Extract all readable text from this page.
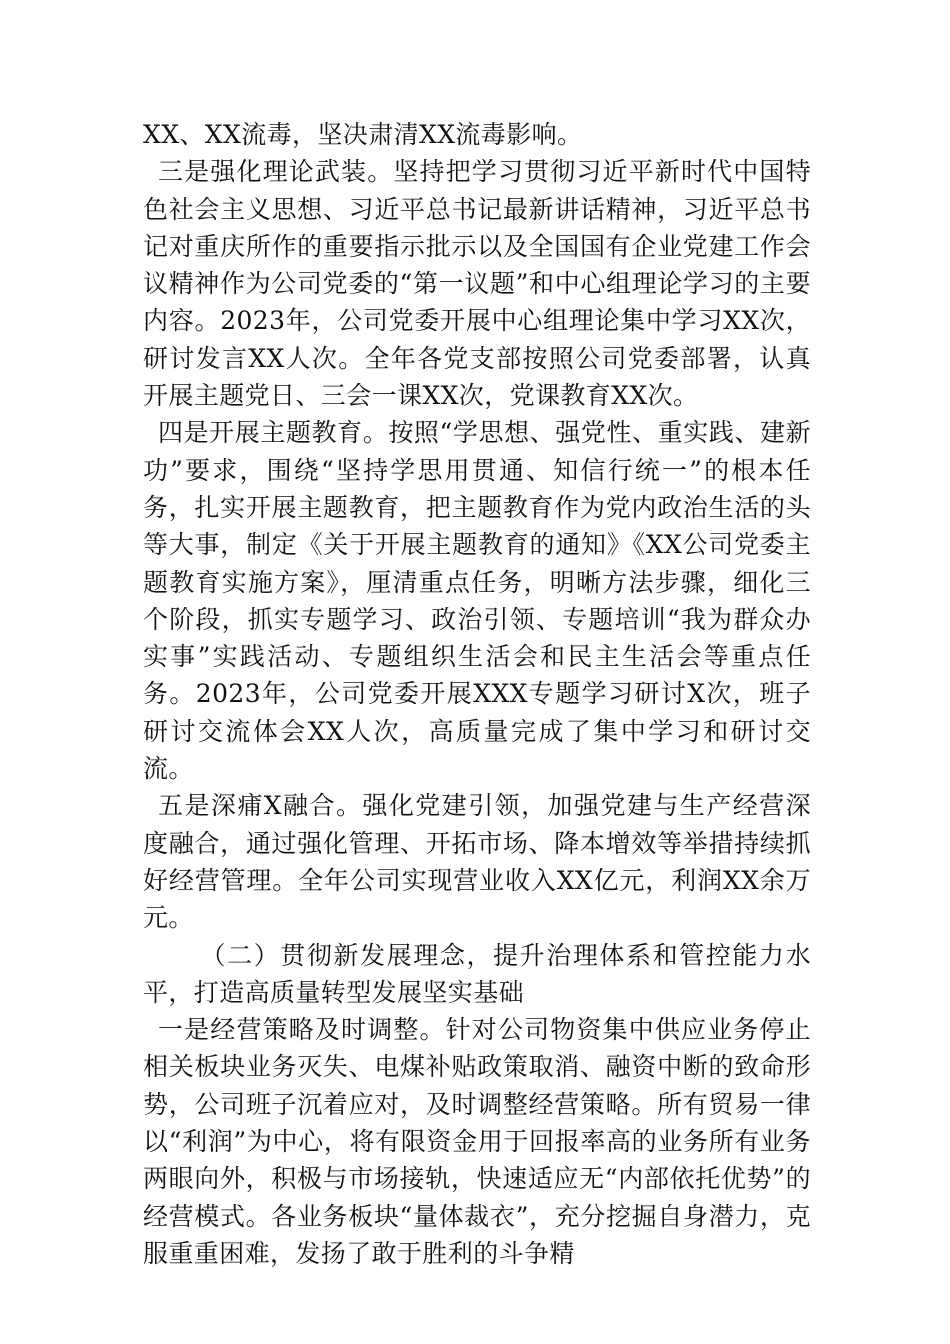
XX、XX流毒，坚决肃清XX流毒影响。

三是强化理论武装。坚持把学习贯彻习近平新时代中国特色社会主义思想、习近平总书记最新讲话精神，习近平总书记对重庆所作的重要指示批示以及全国国有企业党建工作会议精神作为公司党委的“第一议题”和中心组理论学习的主要内容。2023年，公司党委开展中心组理论集中学习XX次，研讨发言XX人次。全年各党支部按照公司党委部署，认真开展主题党日、三会一课XX次，党课教育XX次。

四是开展主题教育。按照“学思想、强党性、重实践、建新功”要求，围绕“坚持学思用贯通、知信行统一”的根本任务，扎实开展主题教育，把主题教育作为党内政治生活的头等大事，制定《关于开展主题教育的通知》《XX公司党委主题教育实施方案》，厘清重点任务，明晰方法步骤，细化三个阶段，抓实专题学习、政治引领、专题培训“我为群众办实事”实践活动、专题组织生活会和民主生活会等重点任务。2023年，公司党委开展XXX专题学习研讨X次，班子研讨交流体会XX人次，高质量完成了集中学习和研讨交流。

五是深痡X融合。强化党建引领，加强党建与生产经营深度融合，通过强化管理、开拓市场、降本增效等举措持续抓好经营管理。全年公司实现营业收入XX亿元，利润XX余万元。

（二）贯彻新发展理念，提升治理体系和管控能力水平，打造高质量转型发展坚实基础

一是经营策略及时调整。针对公司物资集中供应业务停止相关板块业务灭失、电煤补贴政策取消、融资中断的致命形势，公司班子沉着应对，及时调整经营策略。所有贸易一律以“利润”为中心，将有限资金用于回报率高的业务所有业务两眼向外，积极与市场接轨，快速适应无“内部依托优势”的经营模式。各业务板块“量体裁衣”，充分挖掘自身潜力，克服重重困难，发扬了敢于胜利的斗争精
